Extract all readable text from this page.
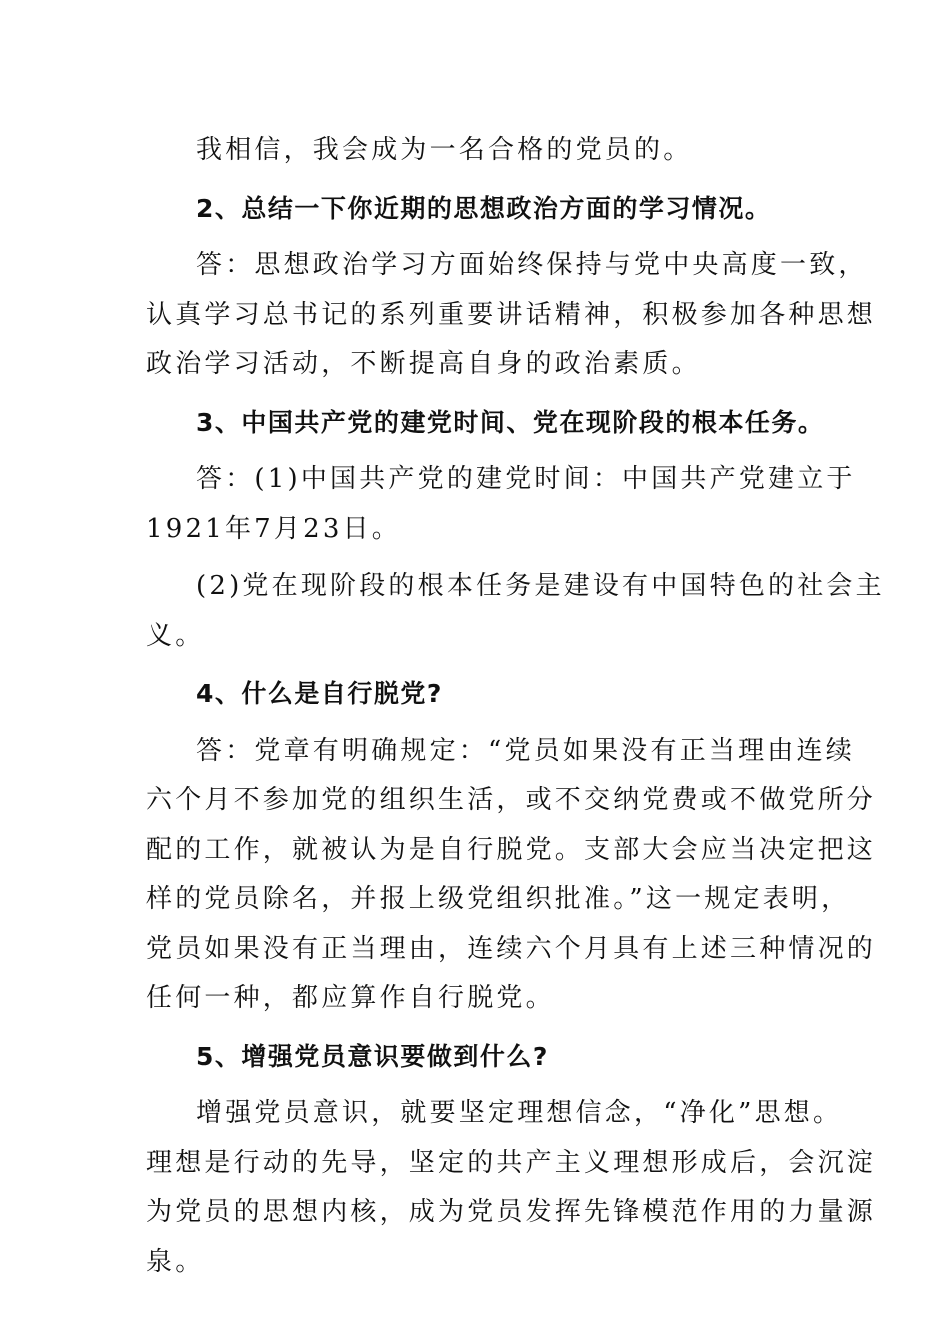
我相信，我会成为一名合格的党员的。
2、总结一下你近期的思想政治方面的学习情况。
答：思想政治学习方面始终保持与党中央高度一致，
认真学习总书记的系列重要讲话精神，积极参加各种思想
政治学习活动，不断提高自身的政治素质。
3、中国共产党的建党时间、党在现阶段的根本任务。
答：(1)中国共产党的建党时间：中国共产党建立于
1921年7月23日。
(2)党在现阶段的根本任务是建设有中国特色的社会主
义。
4、什么是自行脱党?
答：党章有明确规定：“党员如果没有正当理由连续
六个月不参加党的组织生活，或不交纳党费或不做党所分
配的工作，就被认为是自行脱党。支部大会应当决定把这
样的党员除名，并报上级党组织批准。”这一规定表明，
党员如果没有正当理由，连续六个月具有上述三种情况的
任何一种，都应算作自行脱党。
5、增强党员意识要做到什么?
增强党员意识，就要坚定理想信念，“净化”思想。
理想是行动的先导，坚定的共产主义理想形成后，会沉淀
为党员的思想内核，成为党员发挥先锋模范作用的力量源
泉。
